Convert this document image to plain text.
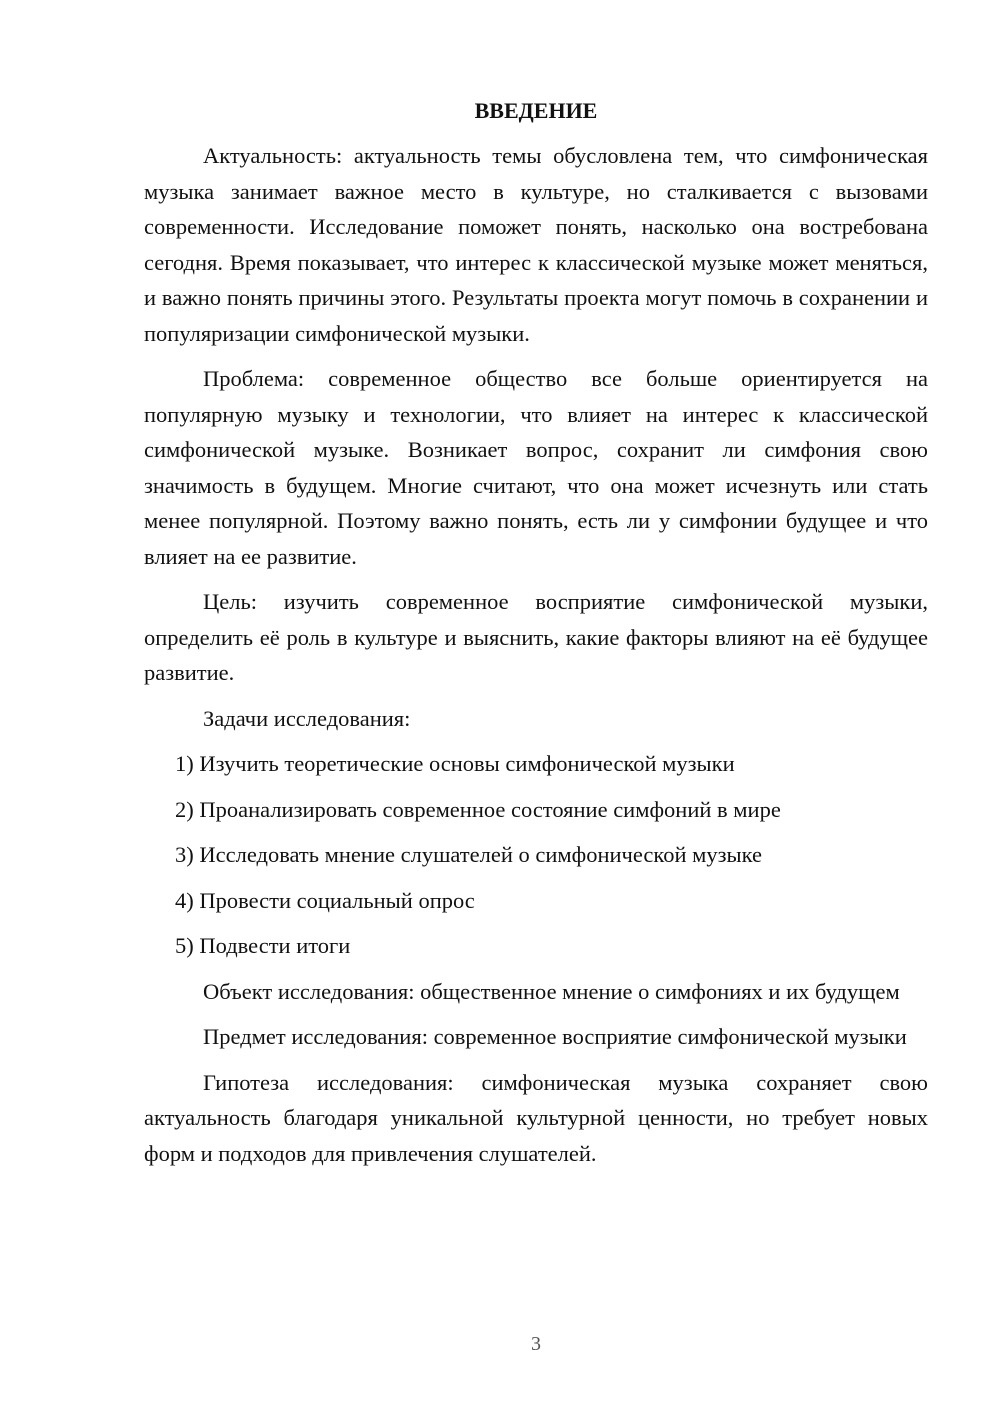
ВВЕДЕНИЕ

Актуальность: актуальность темы обусловлена тем, что симфоническая музыка занимает важное место в культуре, но сталкивается с вызовами современности. Исследование поможет понять, насколько она востребована сегодня. Время показывает, что интерес к классической музыке может меняться, и важно понять причины этого. Результаты проекта могут помочь в сохранении и популяризации симфонической музыки.

Проблема: современное общество все больше ориентируется на популярную музыку и технологии, что влияет на интерес к классической симфонической музыке. Возникает вопрос, сохранит ли симфония свою значимость в будущем. Многие считают, что она может исчезнуть или стать менее популярной. Поэтому важно понять, есть ли у симфонии будущее и что влияет на ее развитие.

Цель: изучить современное восприятие симфонической музыки, определить её роль в культуре и выяснить, какие факторы влияют на её будущее развитие.

Задачи исследования:

1) Изучить теоретические основы симфонической музыки
2) Проанализировать современное состояние симфоний в мире
3) Исследовать мнение слушателей о симфонической музыке
4) Провести социальный опрос
5) Подвести итоги

Объект исследования: общественное мнение о симфониях и их будущем

Предмет исследования: современное восприятие симфонической музыки

Гипотеза исследования: симфоническая музыка сохраняет свою актуальность благодаря уникальной культурной ценности, но требует новых форм и подходов для привлечения слушателей.

3
